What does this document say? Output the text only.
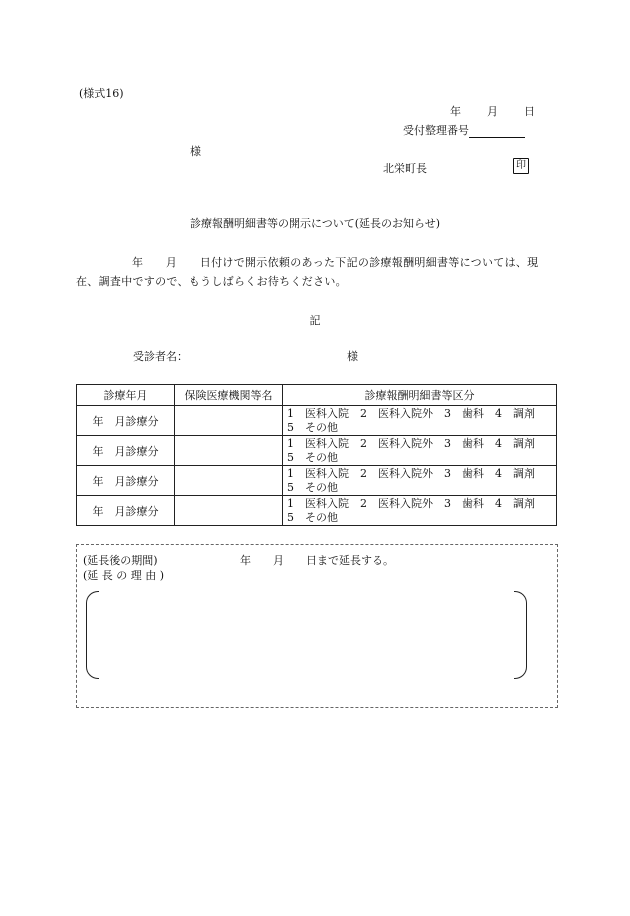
(様式16)
年 月 日
受付整理番号
様
北栄町長	印
診療報酬明細書等の開示について(延長のお知らせ)
年　　月　　日付けで開示依頼のあった下記の診療報酬明細書等については、現在、調査中ですので、もうしばらくお待ちください。
記
受診者名：	様
診療年月	保険医療機関等名	診療報酬明細書等区分
年　月診療分		1　医科入院　2　医科入院外　3　歯科　4　調剤
5　その他

年　月診療分		1　医科入院　2　医科入院外　3　歯科　4　調剤
5　その他

年　月診療分		1　医科入院　2　医科入院外　3　歯科　4　調剤
5　その他

年　月診療分		1　医科入院　2　医科入院外　3　歯科　4　調剤
5　その他
(延長後の期間)	年　　月　　日まで延長する。
(延 長 の 理 由 )
